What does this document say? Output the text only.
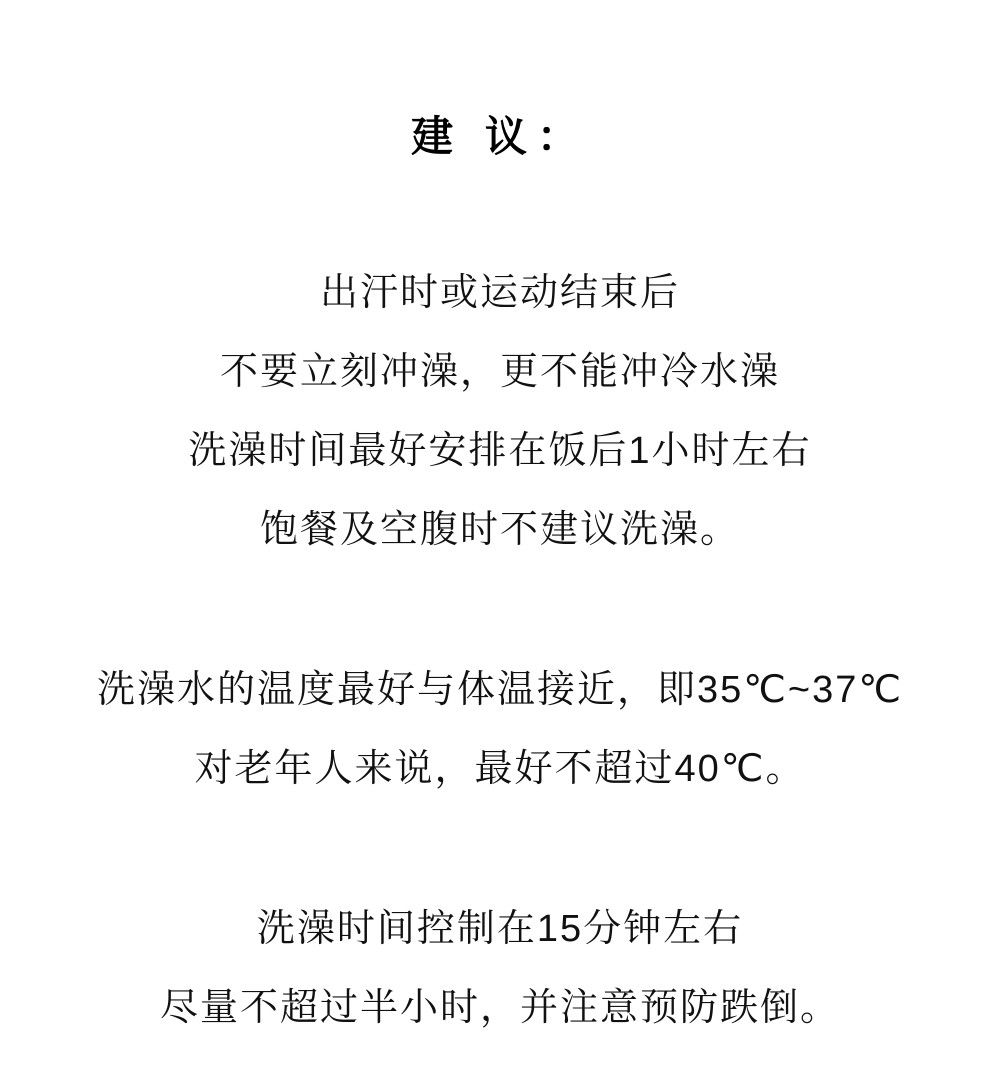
建 议：
出汗时或运动结束后
不要立刻冲澡，更不能冲冷水澡
洗澡时间最好安排在饭后1小时左右
饱餐及空腹时不建议洗澡。
洗澡水的温度最好与体温接近，即35℃~37℃
对老年人来说，最好不超过40℃。
洗澡时间控制在15分钟左右
尽量不超过半小时，并注意预防跌倒。
